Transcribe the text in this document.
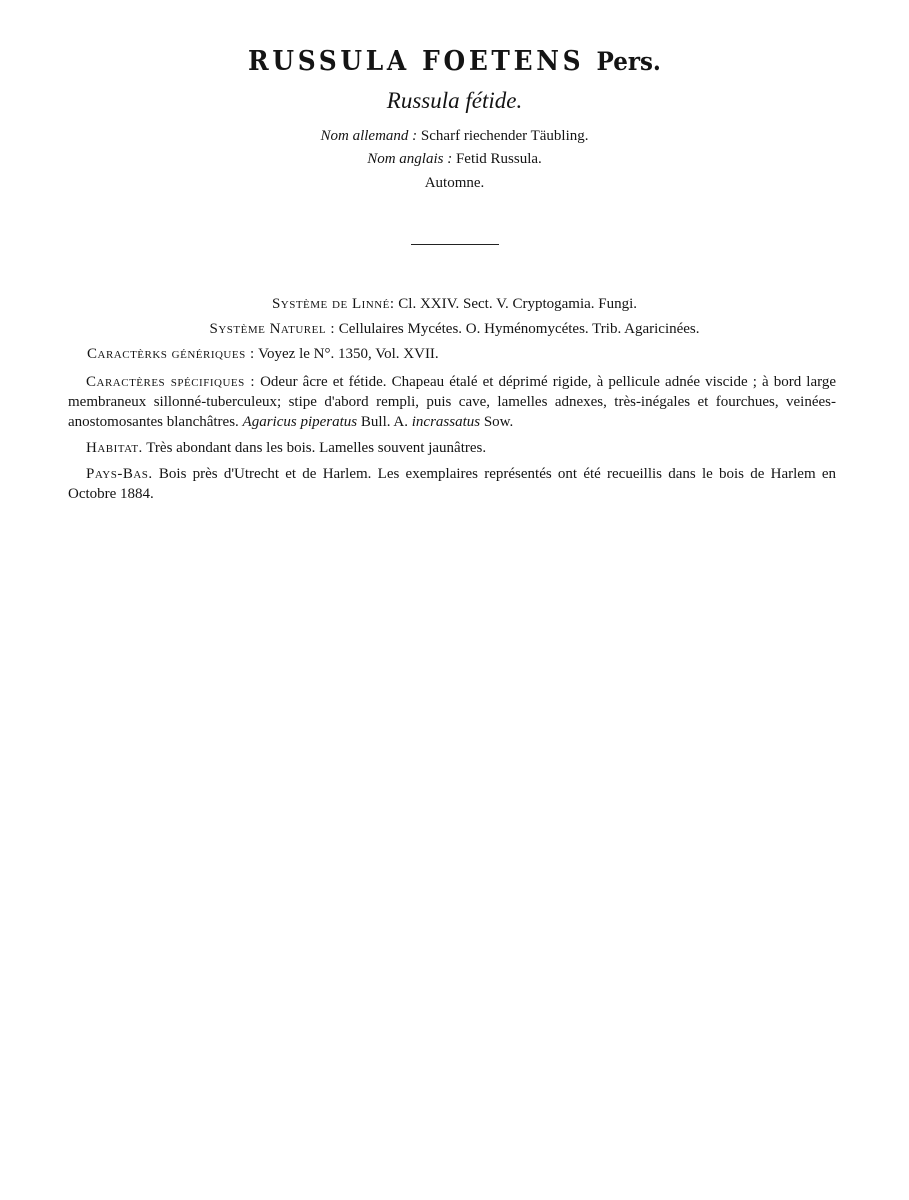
RUSSULA FOETENS Pers.
Russula fétide.
Nom allemand : Scharf riechender Täubling.
Nom anglais : Fetid Russula.
Automne.
Système de Linné: Cl. XXIV. Sect. V. Cryptogamia. Fungi.
Système Naturel : Cellulaires Mycétes. O. Hyménomycétes. Trib. Agaricinées.
Caractèrks génériques : Voyez le N°. 1350, Vol. XVII.
Caractères spécifiques : Odeur âcre et fétide. Chapeau étalé et déprimé rigide, à pellicule adnée viscide ; à bord large membraneux sillonné-tuberculeux; stipe d'abord rempli, puis cave, lamelles adnexes, très-inégales et fourchues, veinées-anostomosantes blanchâtres. Agaricus piperatus Bull. A. incrassatus Sow.
Habitat. Très abondant dans les bois. Lamelles souvent jaunâtres.
Pays-Bas. Bois près d'Utrecht et de Harlem. Les exemplaires représentés ont été recueillis dans le bois de Harlem en Octobre 1884.
